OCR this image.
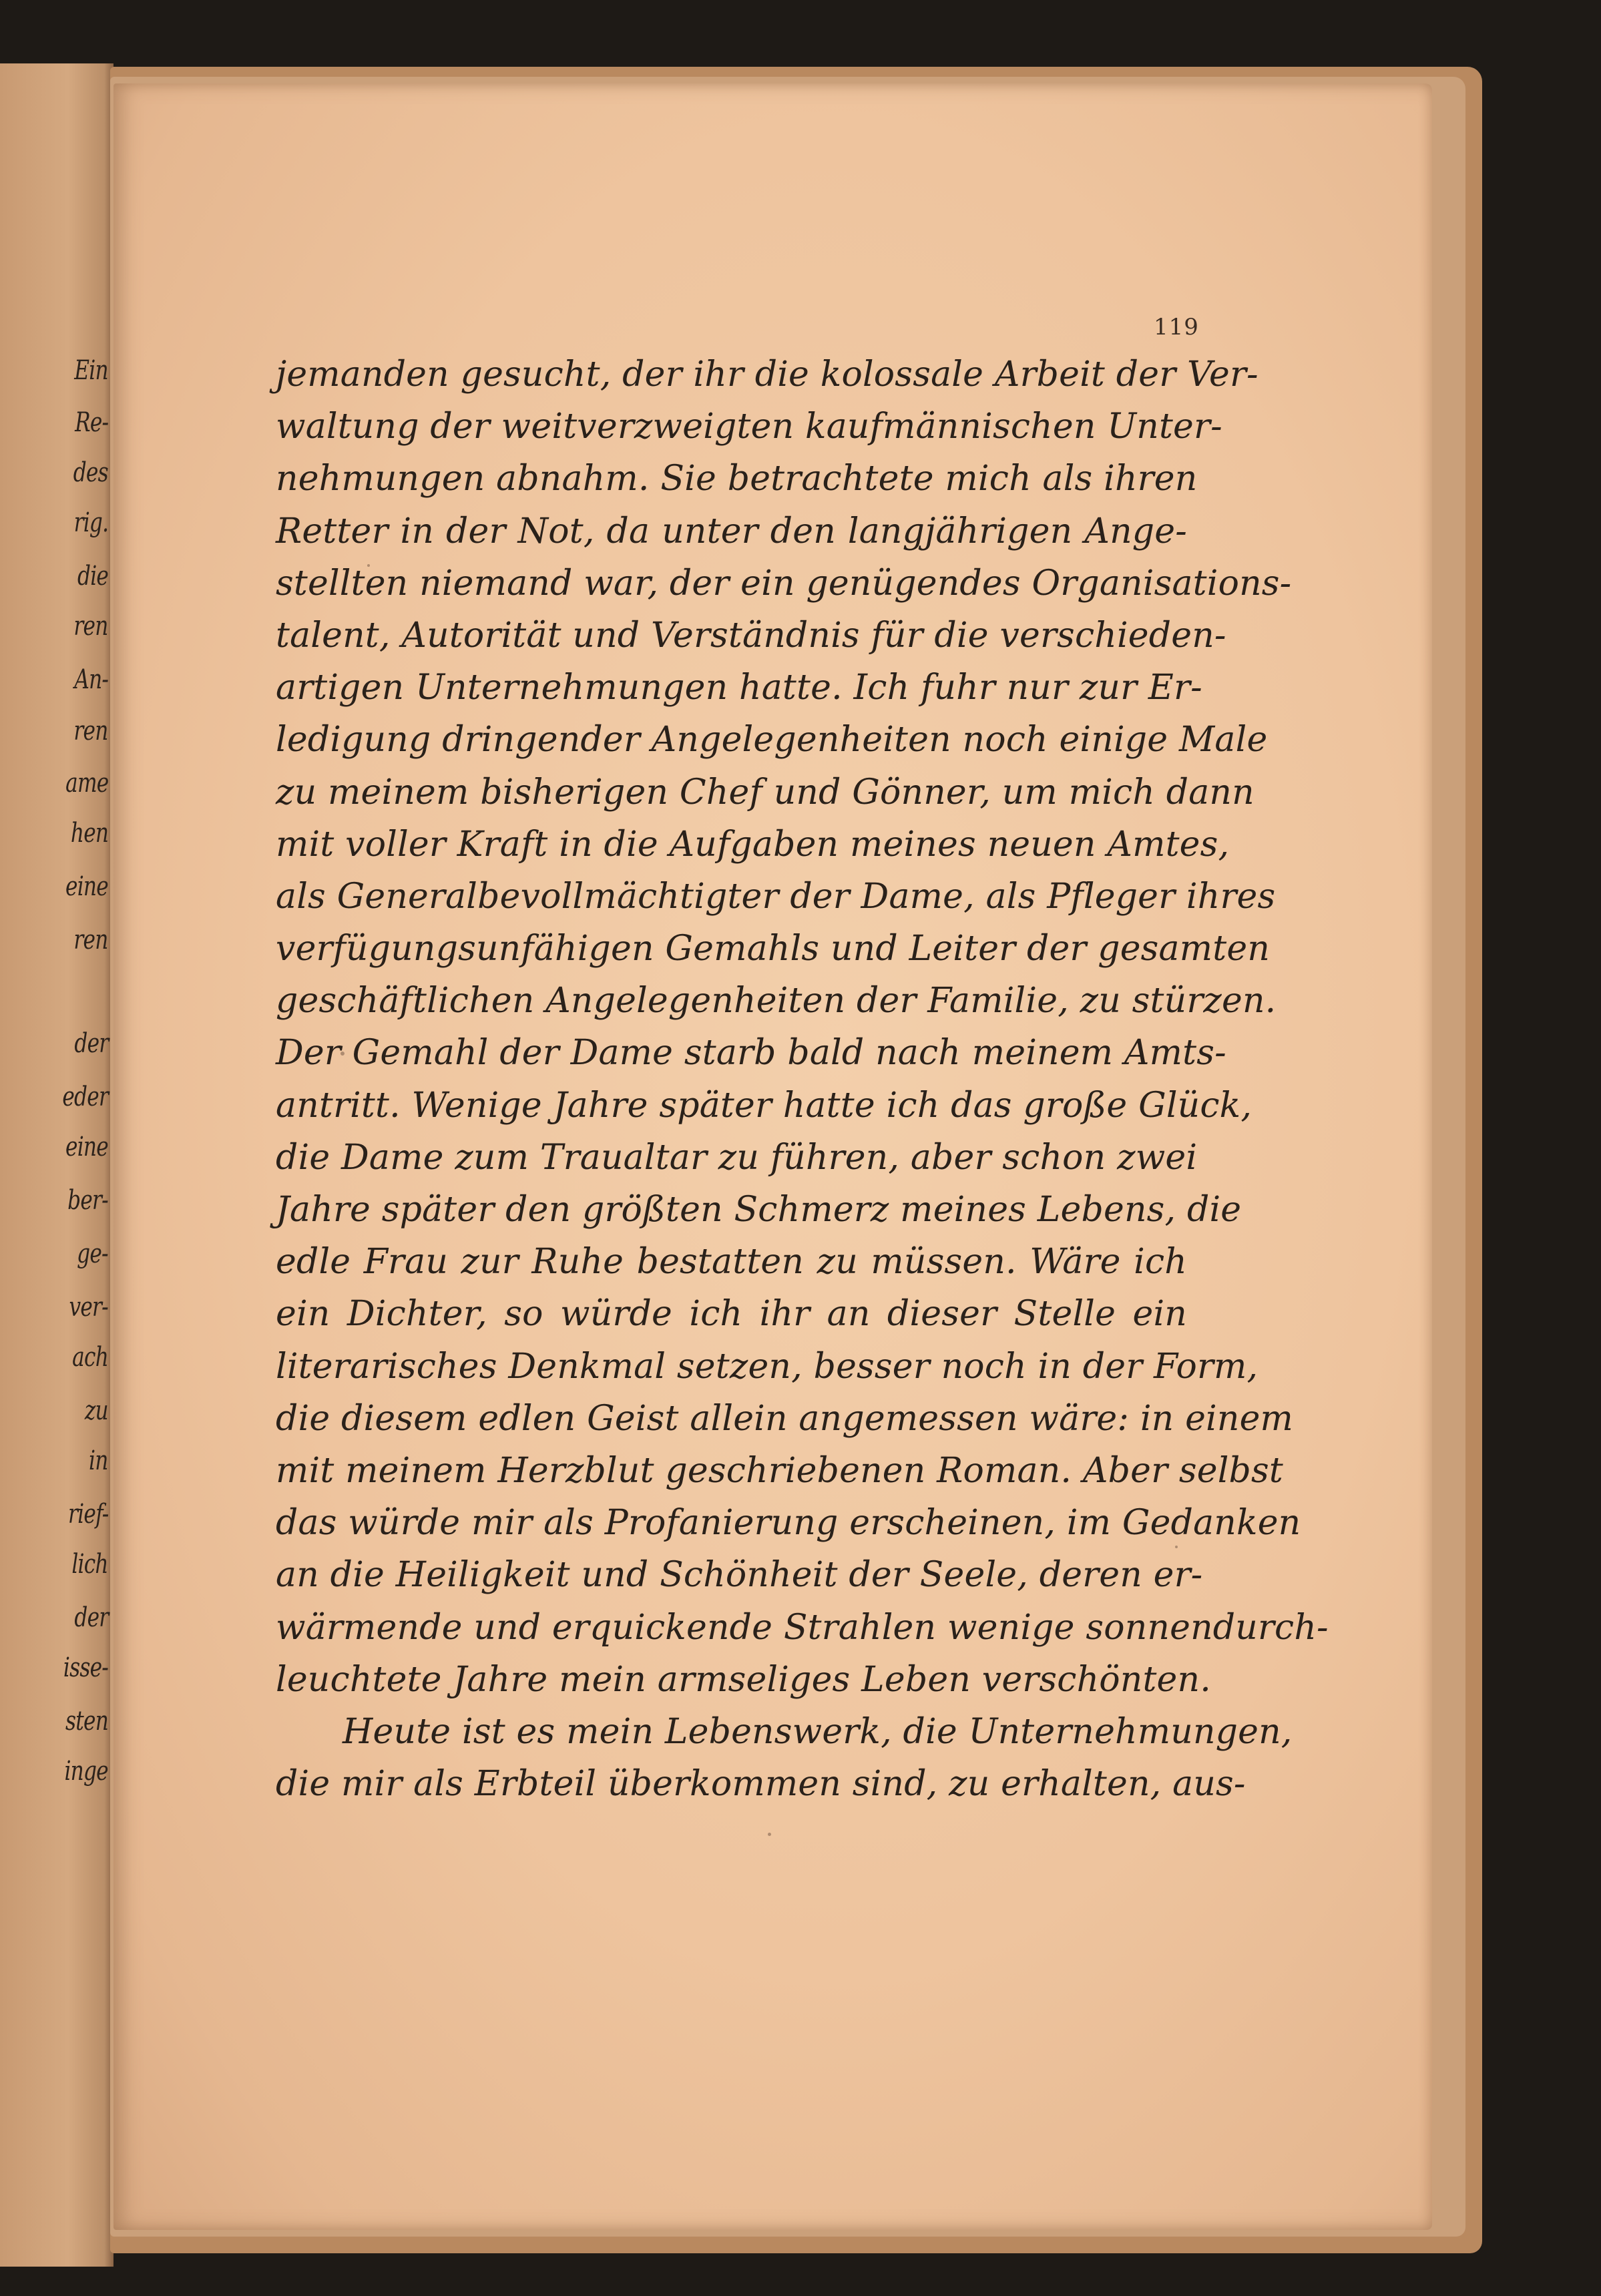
Ein
Re-
des
rig.
die
ren
An-
ren
ame
hen
eine
ren
der
eder
eine
ber-
ge-
ver-
ach
zu
in
rief-
lich
der
isse-
sten
inge
119
jemanden gesucht, der ihr die kolossale Arbeit der Ver-
waltung der weitverzweigten kaufmännischen Unter-
nehmungen abnahm. Sie betrachtete mich als ihren
Retter in der Not, da unter den langjährigen Ange-
stellten niemand war, der ein genügendes Organisations-
talent, Autorität und Verständnis für die verschieden-
artigen Unternehmungen hatte. Ich fuhr nur zur Er-
ledigung dringender Angelegenheiten noch einige Male
zu meinem bisherigen Chef und Gönner, um mich dann
mit voller Kraft in die Aufgaben meines neuen Amtes,
als Generalbevollmächtigter der Dame, als Pfleger ihres
verfügungsunfähigen Gemahls und Leiter der gesamten
geschäftlichen Angelegenheiten der Familie, zu stürzen.
Der Gemahl der Dame starb bald nach meinem Amts-
antritt. Wenige Jahre später hatte ich das große Glück,
die Dame zum Traualtar zu führen, aber schon zwei
Jahre später den größten Schmerz meines Lebens, die
edle Frau zur Ruhe bestatten zu müssen. Wäre ich
ein Dichter, so würde ich ihr an dieser Stelle ein
literarisches Denkmal setzen, besser noch in der Form,
die diesem edlen Geist allein angemessen wäre: in einem
mit meinem Herzblut geschriebenen Roman. Aber selbst
das würde mir als Profanierung erscheinen, im Gedanken
an die Heiligkeit und Schönheit der Seele, deren er-
wärmende und erquickende Strahlen wenige sonnendurch-
leuchtete Jahre mein armseliges Leben verschönten.
Heute ist es mein Lebenswerk, die Unternehmungen,
die mir als Erbteil überkommen sind, zu erhalten, aus-
